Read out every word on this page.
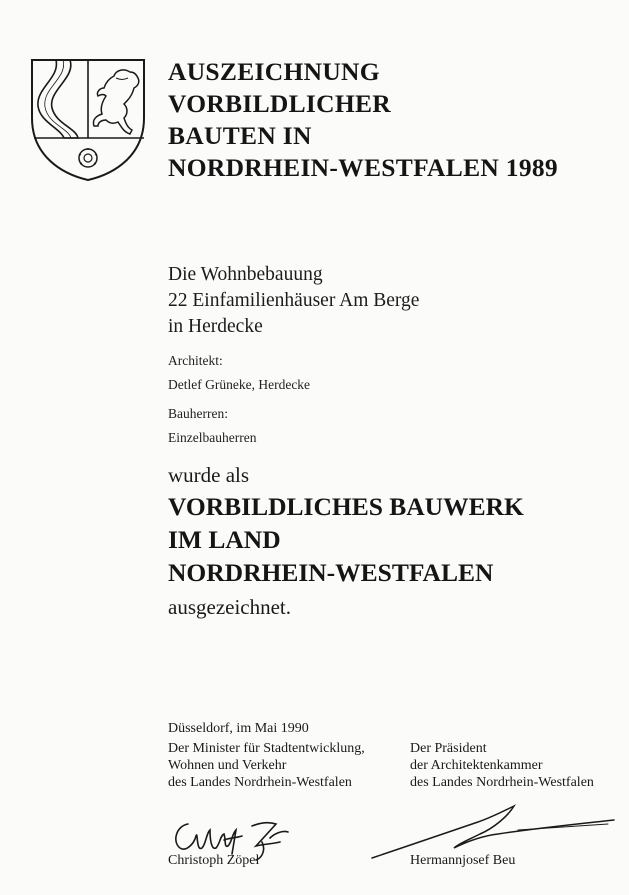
AUSZEICHNUNG
VORBILDLICHER
BAUTEN IN
NORDRHEIN-WESTFALEN 1989
Die Wohnbebauung
22 Einfamilienhäuser Am Berge
in Herdecke
Architekt:
Detlef Grüneke, Herdecke
Bauherren:
Einzelbauherren
wurde als
VORBILDLICHES BAUWERK
IM LAND
NORDRHEIN-WESTFALEN
ausgezeichnet.
Düsseldorf, im Mai 1990
Der Minister für Stadtentwicklung,
Wohnen und Verkehr
des Landes Nordrhein-Westfalen
Der Präsident
der Architektenkammer
des Landes Nordrhein-Westfalen
Christoph Zöpel	Hermannjosef Beu
